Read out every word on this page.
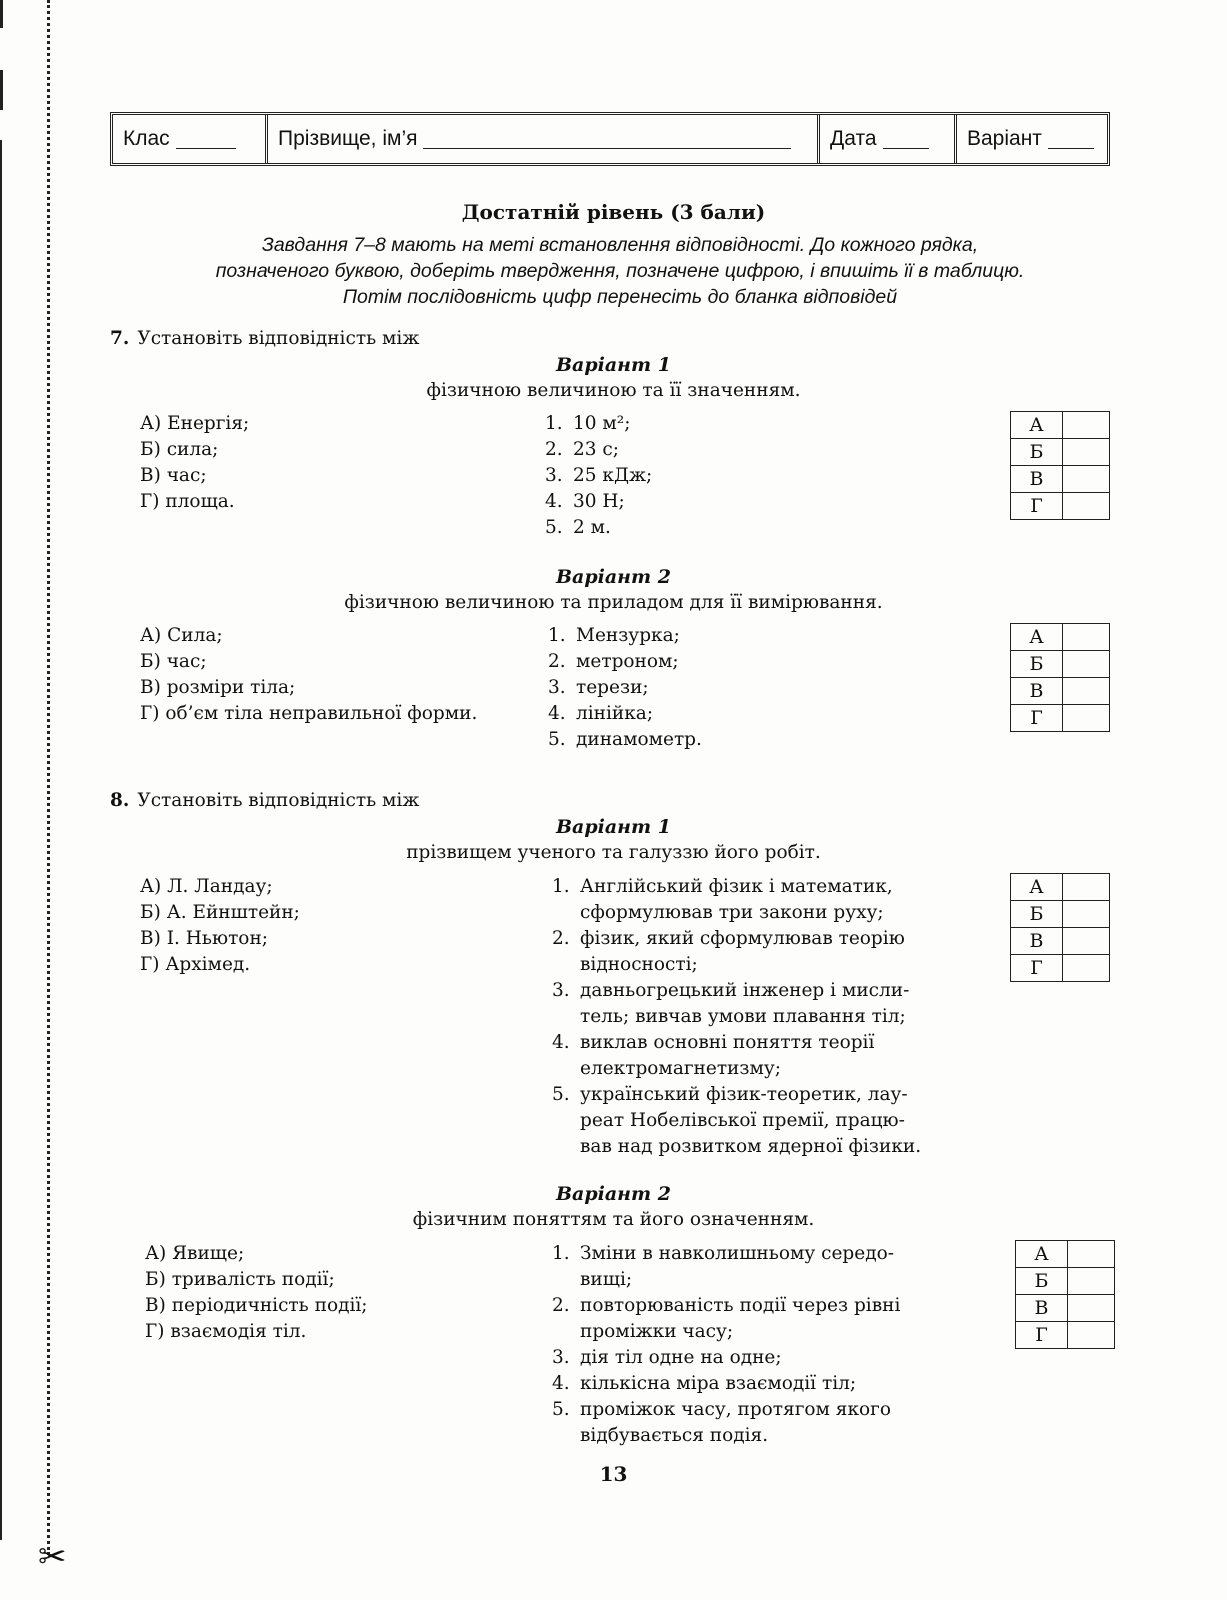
✂
Клас	Прізвище, ім’я	Дата	Варіант
Достатній рівень (3 бали)
Завдання 7–8 мають на меті встановлення відповідності. До кожного рядка,
позначеного буквою, доберіть твердження, позначене цифрою, і впишіть її в таблицю.
Потім послідовність цифр перенесіть до бланка відповідей
7. Установіть відповідність між
Варіант 1
фізичною величиною та її значенням.
А) Енергія;
Б) сила;
В) час;
Г) площа.
1. 10 м²;
2. 23 с;
3. 25 кДж;
4. 30 Н;
5. 2 м.
А	
Б	
В	
Г	
Варіант 2
фізичною величиною та приладом для її вимірювання.
А) Сила;
Б) час;
В) розміри тіла;
Г) об’єм тіла неправильної форми.
1. Мензурка;
2. метроном;
3. терези;
4. лінійка;
5. динамометр.
А	
Б	
В	
Г	
8. Установіть відповідність між
Варіант 1
прізвищем ученого та галуззю його робіт.
А) Л. Ландау;
Б) А. Ейнштейн;
В) І. Ньютон;
Г) Архімед.
1. Англійський фізик і математик,
сформулював три закони руху;
2. фізик, який сформулював теорію
відносності;
3. давньогрецький інженер і мисли-
тель; вивчав умови плавання тіл;
4. виклав основні поняття теорії
електромагнетизму;
5. український фізик-теоретик, лау-
реат Нобелівської премії, працю-
вав над розвитком ядерної фізики.
А	
Б	
В	
Г	
Варіант 2
фізичним поняттям та його означенням.
А) Явище;
Б) тривалість події;
В) періодичність події;
Г) взаємодія тіл.
1. Зміни в навколишньому середо-
вищі;
2. повторюваність події через рівні
проміжки часу;
3. дія тіл одне на одне;
4. кількісна міра взаємодії тіл;
5. проміжок часу, протягом якого
відбувається подія.
А	
Б	
В	
Г	
13
